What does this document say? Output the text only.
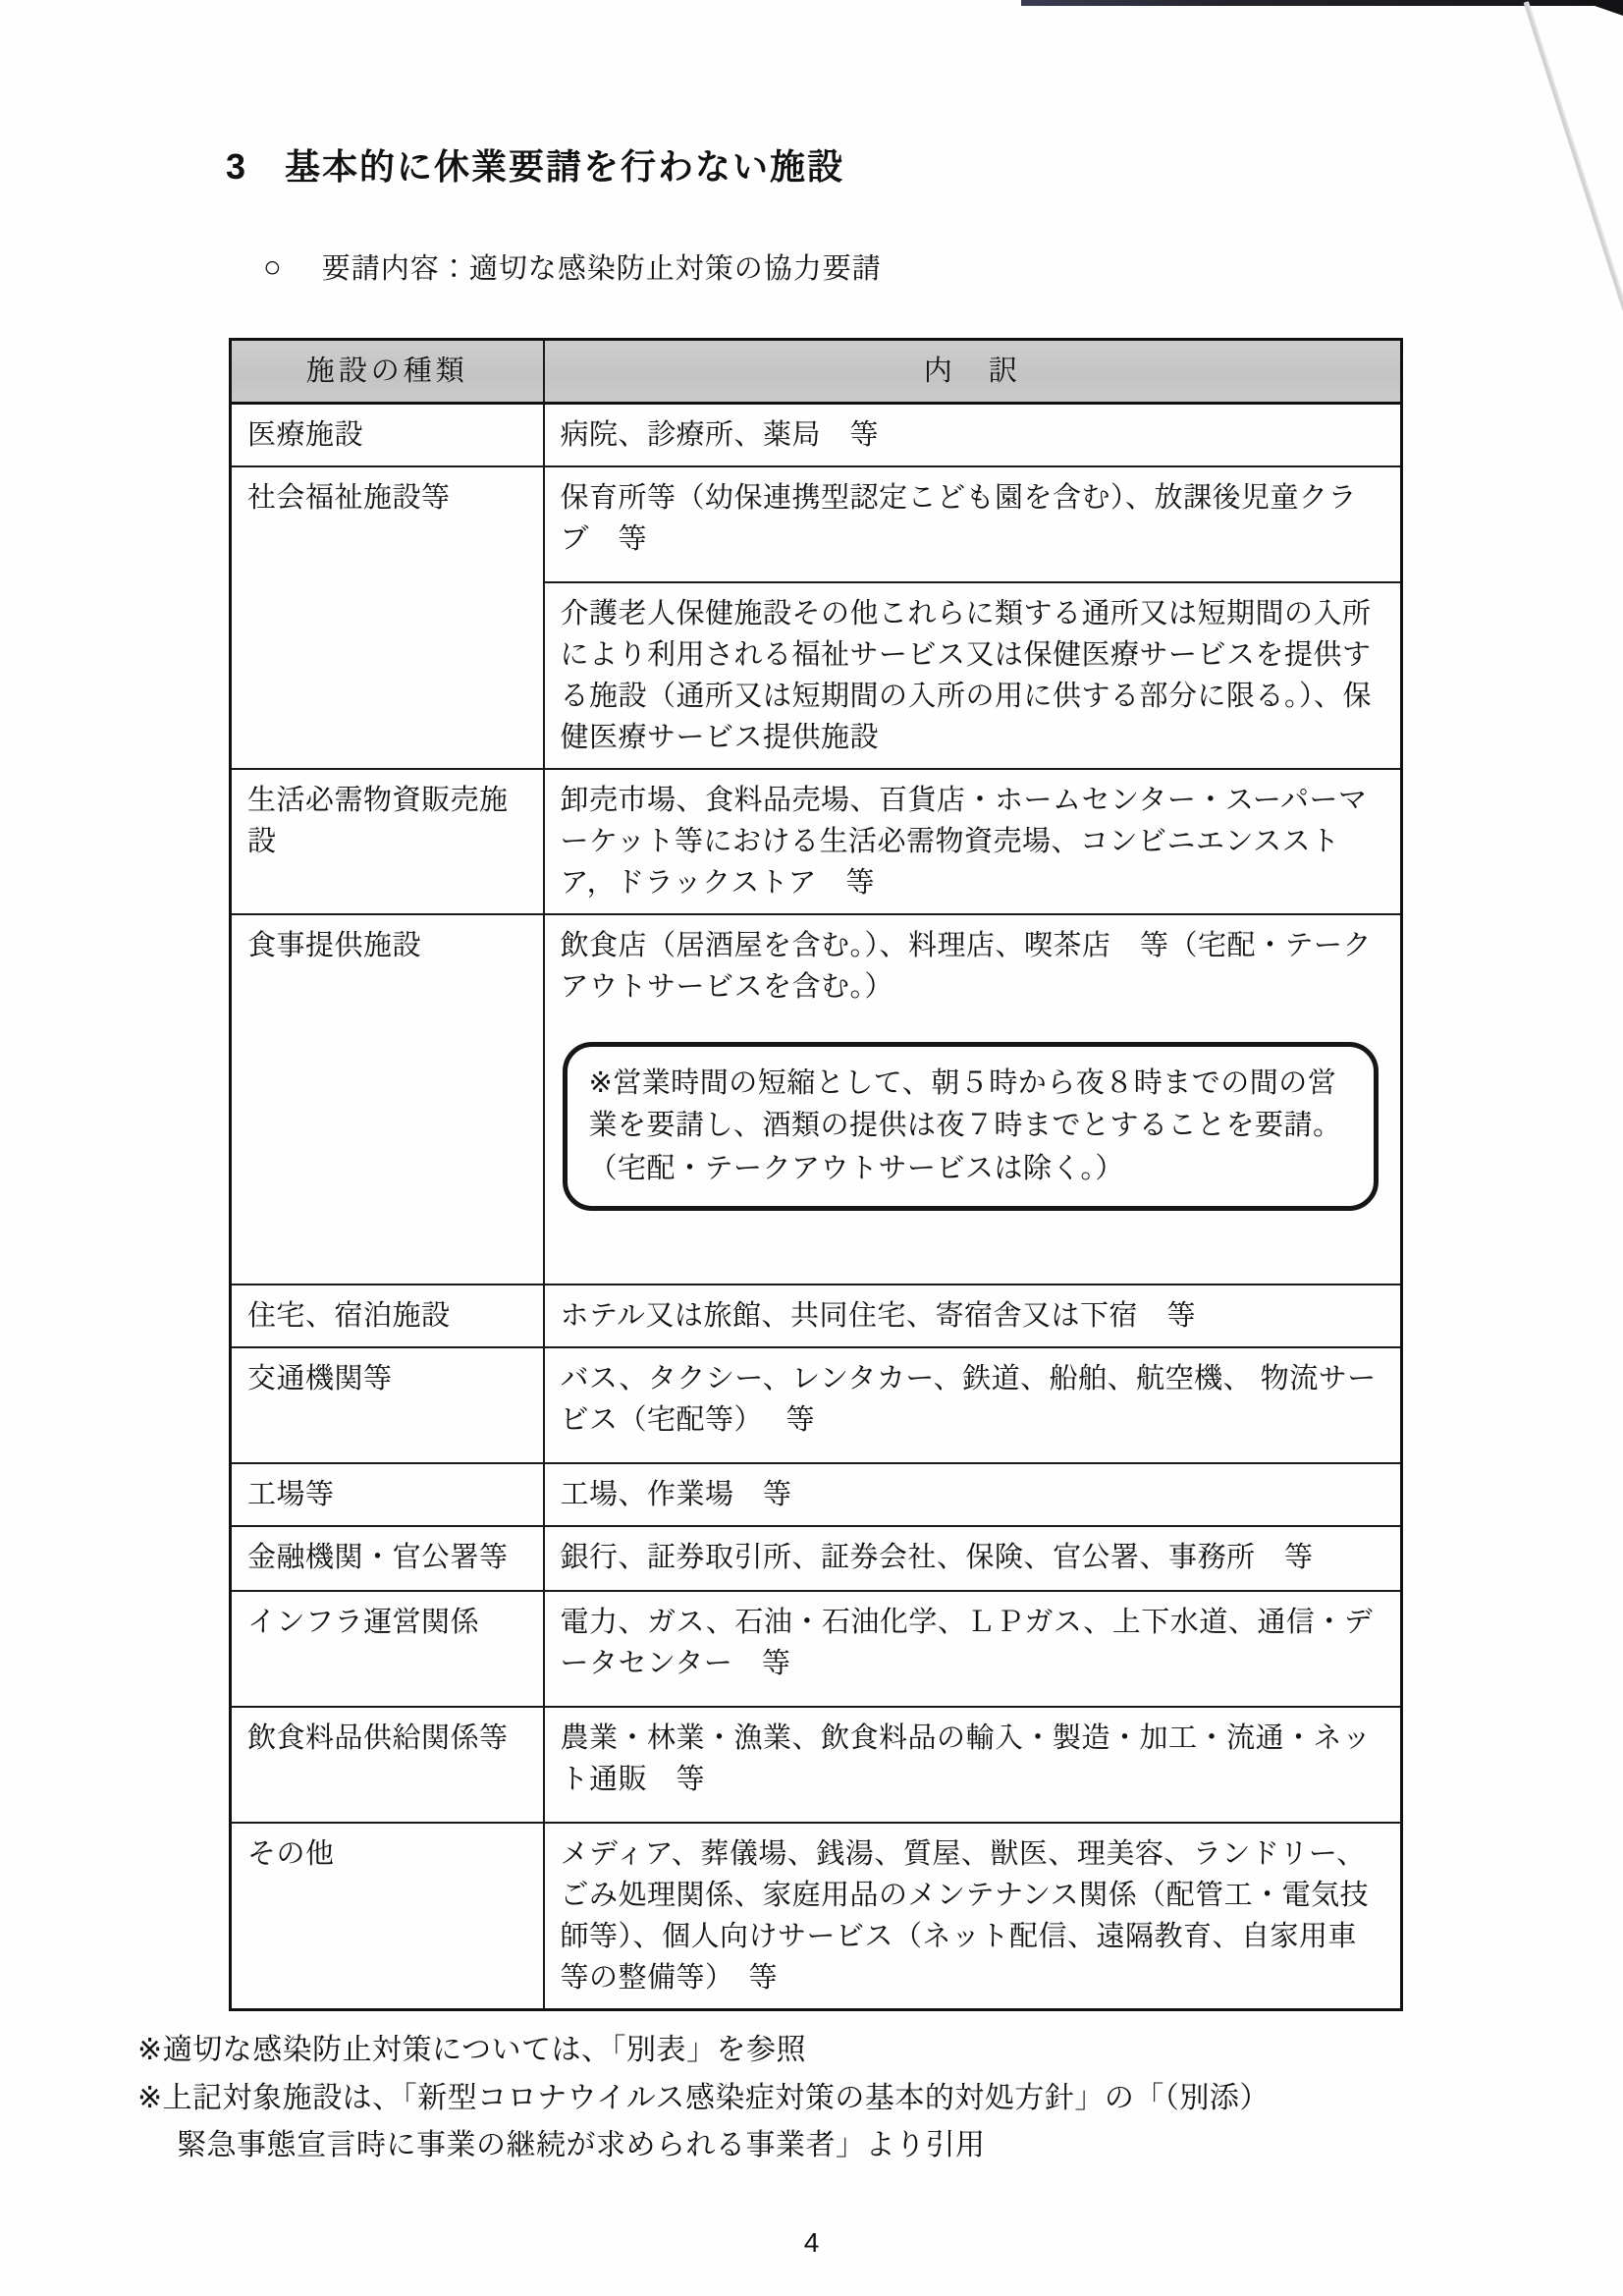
3 基本的に休業要請を行わない施設
○ 要請内容：適切な感染防止対策の協力要請
施設の種類	内　訳
医療施設	病院、診療所、薬局　等
社会福祉施設等	保育所等（幼保連携型認定こども園を含む）、放課後児童クラブ　等
	介護老人保健施設その他これらに類する通所又は短期間の入所により利用される福祉サービス又は保健医療サービスを提供する施設（通所又は短期間の入所の用に供する部分に限る。）、保健医療サービス提供施設
生活必需物資販売施設	卸売市場、食料品売場、百貨店・ホームセンター・スーパーマーケット等における生活必需物資売場、コンビニエンスストア，ドラックストア　等
食事提供施設	飲食店（居酒屋を含む。）、料理店、喫茶店　等（宅配・テークアウトサービスを含む。）
※営業時間の短縮として、朝５時から夜８時までの間の営業を要請し、酒類の提供は夜７時までとすることを要請。（宅配・テークアウトサービスは除く。）

住宅、宿泊施設	ホテル又は旅館、共同住宅、寄宿舎又は下宿　等
交通機関等	バス、タクシー、レンタカー、鉄道、船舶、航空機、 物流サービス（宅配等）　 等
工場等	工場、作業場　等
金融機関・官公署等	銀行、証券取引所、証券会社、保険、官公署、事務所　等
インフラ運営関係	電力、ガス、石油・石油化学、ＬＰガス、上下水道、通信・データセンター　等
飲食料品供給関係等	農業・林業・漁業、飲食料品の輸入・製造・加工・流通・ネット通販　等
その他	メディア、葬儀場、銭湯、質屋、獣医、理美容、ランドリー、ごみ処理関係、家庭用品のメンテナンス関係（配管工・電気技師等）、個人向けサービス（ネット配信、遠隔教育、自家用車等の整備等）　等
※適切な感染防止対策については、「別表」を参照
※上記対象施設は、「新型コロナウイルス感染症対策の基本的対処方針」の「（別添）
緊急事態宣言時に事業の継続が求められる事業者」より引用
4
